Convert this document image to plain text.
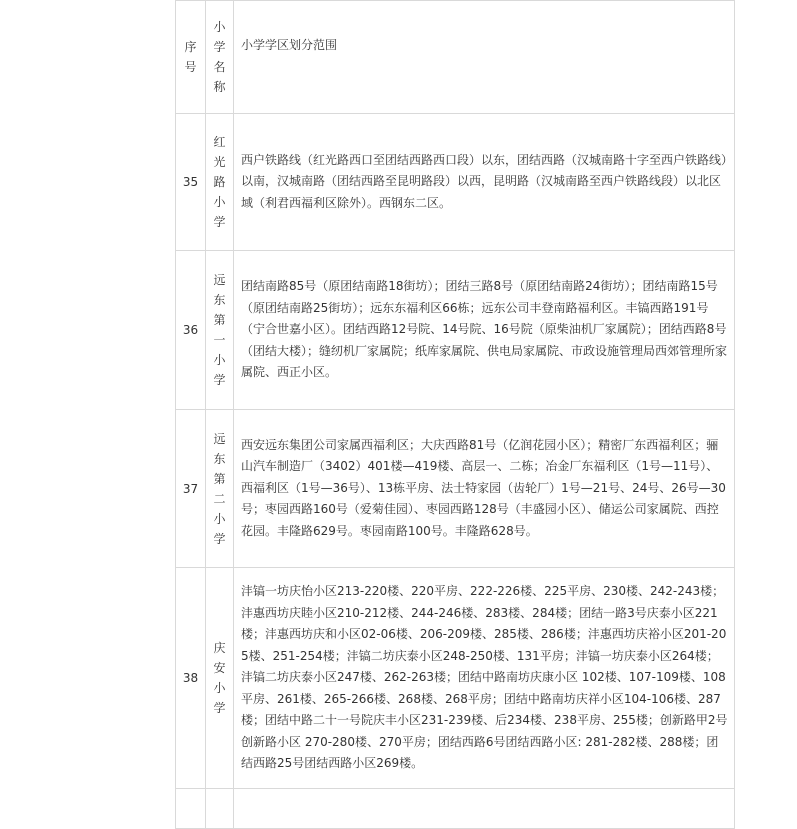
序号	小学名称	小学学区划分范围

35	红光路小学	西户铁路线（红光路西口至团结西路西口段）以东，团结西路（汉城南路十字至西户铁路线）以南，汉城南路（团结西路至昆明路段）以西，昆明路（汉城南路至西户铁路线段）以北区域（利君西福利区除外）。西钢东二区。

36	远东第一小学	团结南路85号（原团结南路18街坊）；团结三路8号（原团结南路24街坊）；团结南路15号（原团结南路25街坊）；远东东福利区66栋；远东公司丰登南路福利区。丰镐西路191号（宁合世嘉小区）。团结西路12号院、14号院、16号院（原柴油机厂家属院）；团结西路8号（团结大楼）；缝纫机厂家属院；纸库家属院、供电局家属院、市政设施管理局西郊管理所家属院、西正小区。

37	远东第二小学	西安远东集团公司家属西福利区；大庆西路81号（亿润花园小区）；精密厂东西福利区；骊山汽车制造厂（3402）401楼—419楼、高层一、二栋；冶金厂东福利区（1号—11号）、西福利区（1号—36号）、13栋平房、法士特家园（齿轮厂）1号—21号、24号、26号—30号；枣园西路160号（爱菊佳园）、枣园西路128号（丰盛园小区）、储运公司家属院、西控花园。丰隆路629号。枣园南路100号。丰隆路628号。

38	庆安小学	沣镐一坊庆怡小区213-220楼、220平房、222-226楼、225平房、230楼、242-243楼；沣惠西坊庆睦小区210-212楼、244-246楼、283楼、284楼；团结一路3号庆泰小区221楼；沣惠西坊庆和小区02-06楼、206-209楼、285楼、286楼；沣惠西坊庆裕小区201-205楼、251-254楼；沣镐二坊庆泰小区248-250楼、131平房；沣镐一坊庆泰小区264楼；沣镐二坊庆泰小区247楼、262-263楼；团结中路南坊庆康小区 102楼、107-109楼、108平房、261楼、265-266楼、268楼、268平房；团结中路南坊庆祥小区104-106楼、287楼；团结中路二十一号院庆丰小区231-239楼、后234楼、238平房、255楼；创新路甲2号创新路小区 270-280楼、270平房；团结西路6号团结西路小区: 281-282楼、288楼；团结西路25号团结西路小区269楼。
